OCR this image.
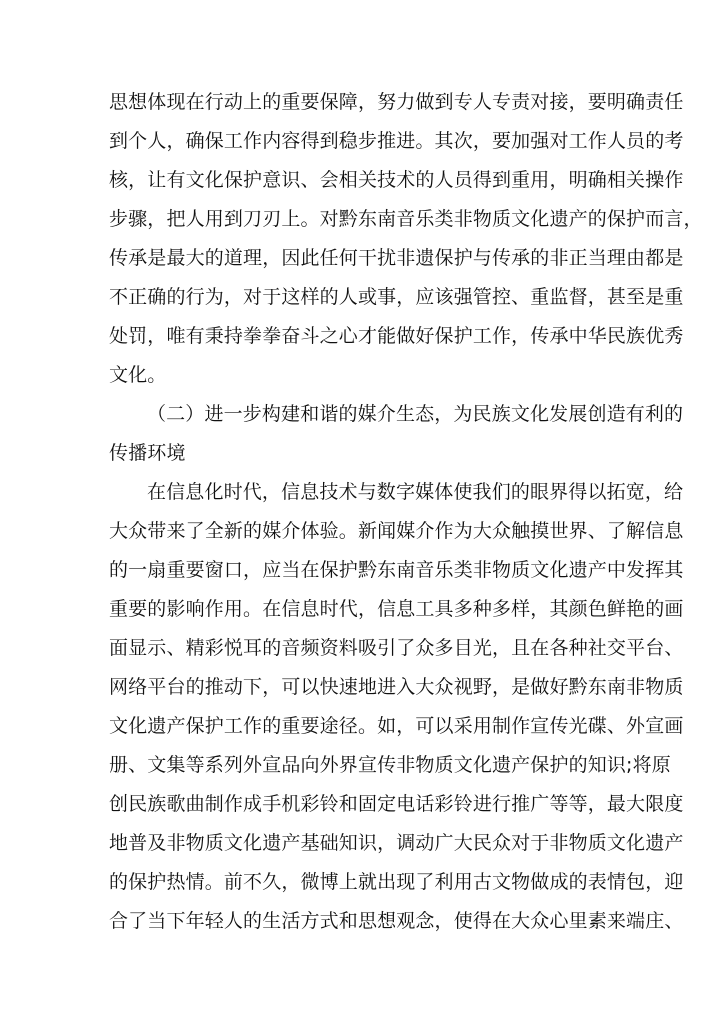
思想体现在行动上的重要保障，努力做到专人专责对接，要明确责任
到个人，确保工作内容得到稳步推进。其次，要加强对工作人员的考
核，让有文化保护意识、会相关技术的人员得到重用，明确相关操作
步骤，把人用到刀刃上。对黔东南音乐类非物质文化遗产的保护而言，
传承是最大的道理，因此任何干扰非遗保护与传承的非正当理由都是
不正确的行为，对于这样的人或事，应该强管控、重监督，甚至是重
处罚，唯有秉持拳拳奋斗之心才能做好保护工作，传承中华民族优秀
文化。
（二）进一步构建和谐的媒介生态，为民族文化发展创造有利的
传播环境
在信息化时代，信息技术与数字媒体使我们的眼界得以拓宽，给
大众带来了全新的媒介体验。新闻媒介作为大众触摸世界、了解信息
的一扇重要窗口，应当在保护黔东南音乐类非物质文化遗产中发挥其
重要的影响作用。在信息时代，信息工具多种多样，其颜色鲜艳的画
面显示、精彩悦耳的音频资料吸引了众多目光，且在各种社交平台、
网络平台的推动下，可以快速地进入大众视野，是做好黔东南非物质
文化遗产保护工作的重要途径。如，可以采用制作宣传光碟、外宣画
册、文集等系列外宣品向外界宣传非物质文化遗产保护的知识;将原
创民族歌曲制作成手机彩铃和固定电话彩铃进行推广等等，最大限度
地普及非物质文化遗产基础知识，调动广大民众对于非物质文化遗产
的保护热情。前不久，微博上就出现了利用古文物做成的表情包，迎
合了当下年轻人的生活方式和思想观念，使得在大众心里素来端庄、
